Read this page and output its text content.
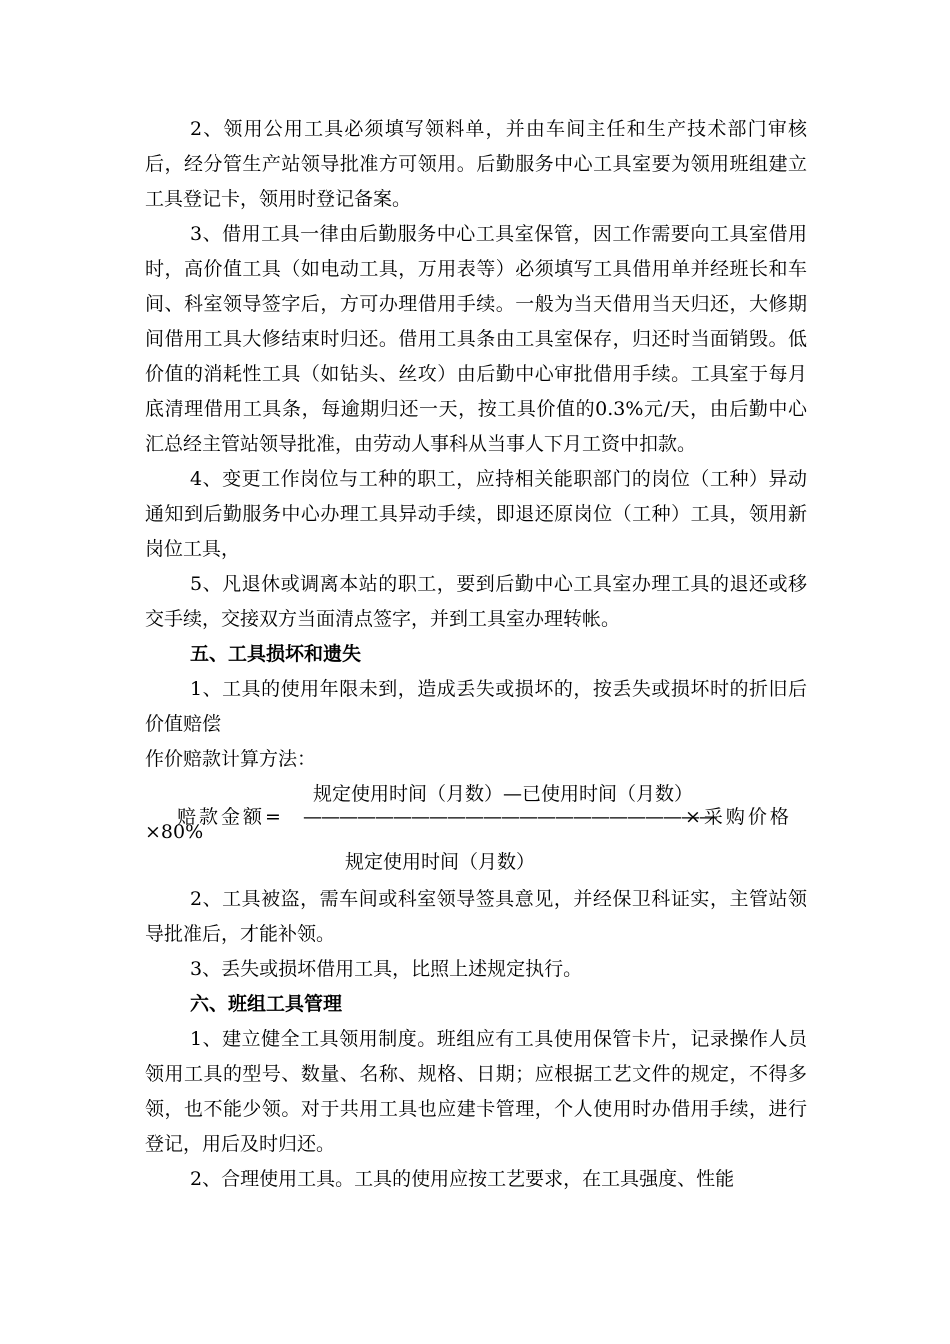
2、领用公用工具必须填写领料单，并由车间主任和生产技术部门审核后，经分管生产站领导批准方可领用。后勤服务中心工具室要为领用班组建立工具登记卡，领用时登记备案。

3、借用工具一律由后勤服务中心工具室保管，因工作需要向工具室借用时，高价值工具（如电动工具，万用表等）必须填写工具借用单并经班长和车间、科室领导签字后，方可办理借用手续。一般为当天借用当天归还，大修期间借用工具大修结束时归还。借用工具条由工具室保存，归还时当面销毁。低价值的消耗性工具（如钻头、丝攻）由后勤中心审批借用手续。工具室于每月底清理借用工具条，每逾期归还一天，按工具价值的0.3%元/天，由后勤中心汇总经主管站领导批准，由劳动人事科从当事人下月工资中扣款。

4、变更工作岗位与工种的职工，应持相关能职部门的岗位（工种）异动通知到后勤服务中心办理工具异动手续，即退还原岗位（工种）工具，领用新岗位工具，

5、凡退休或调离本站的职工，要到后勤中心工具室办理工具的退还或移交手续，交接双方当面清点签字，并到工具室办理转帐。

五、工具损坏和遗失

1、工具的使用年限未到，造成丢失或损坏的，按丢失或损坏时的折旧后价值赔偿

作价赔款计算方法：

规定使用时间（月数）—已使用时间（月数）
赔款金额= ———————————————————————
×采购价格
×80%
规定使用时间（月数）

2、工具被盗，需车间或科室领导签具意见，并经保卫科证实，主管站领导批准后，才能补领。

3、丢失或损坏借用工具，比照上述规定执行。

六、班组工具管理

1、建立健全工具领用制度。班组应有工具使用保管卡片，记录操作人员领用工具的型号、数量、名称、规格、日期；应根据工艺文件的规定，不得多领，也不能少领。对于共用工具也应建卡管理，个人使用时办借用手续，进行登记，用后及时归还。

2、合理使用工具。工具的使用应按工艺要求，在工具强度、性能
